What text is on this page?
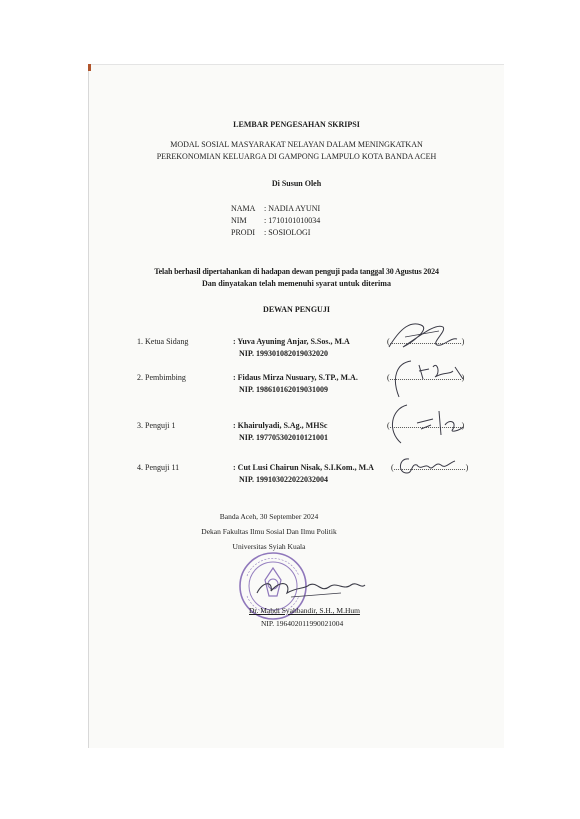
LEMBAR PENGESAHAN SKRIPSI
MODAL SOSIAL MASYARAKAT NELAYAN DALAM MENINGKATKAN
PEREKONOMIAN KELUARGA DI GAMPONG LAMPULO KOTA BANDA ACEH
Di Susun Oleh
NAMA : NADIA AYUNI
NIM : 1710101010034
PRODI : SOSIOLOGI
Telah berhasil dipertahankan di hadapan dewan penguji pada tanggal 30 Agustus 2024
Dan dinyatakan telah memenuhi syarat untuk diterima
DEWAN PENGUJI
1. Ketua Sidang	: Yuva Ayuning Anjar, S.Sos., M.A
NIP. 199301082019032020
(....................................)
2. Pembimbing	: Fidaus Mirza Nusuary, S.TP., M.A.
NIP. 198610162019031009
(....................................)
3. Penguji 1	: Khairulyadi, S.Ag., MHSc
NIP. 197705302010121001
(....................................)
4. Penguji 11	: Cut Lusi Chairun Nisak, S.I.Kom., M.A
NIP. 199103022022032004
(....................................)
Banda Aceh, 30 September 2024
Dekan Fakultas Ilmu Sosial Dan Ilmu Politik
Universitas Syiah Kuala
Dr. Mahdi Syahbandir, S.H., M.Hum
NIP. 196402011990021004
